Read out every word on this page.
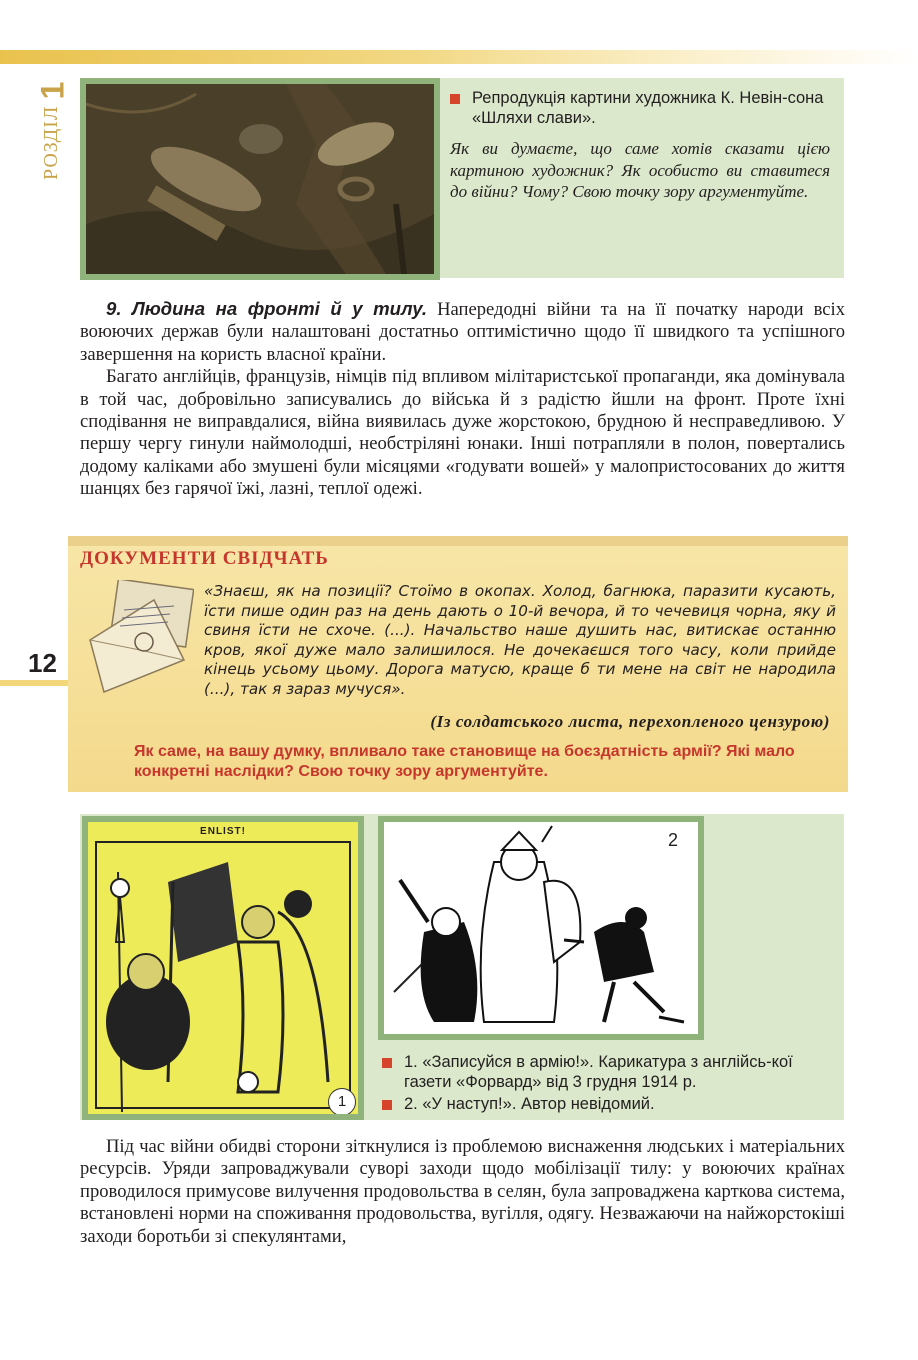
1
РОЗДІЛ
12
Репродукція картини художника К. Невін-сона «Шляхи слави».
Як ви думаєте, що саме хотів сказати цією картиною художник? Як особисто ви ставитеся до війни? Чому? Свою точку зору аргументуйте.

9. Людина на фронті й у тилу. Напередодні війни та на її початку народи всіх воюючих держав були налаштовані достатньо оптимістично щодо її швидкого та успішного завершення на користь власної країни.

Багато англійців, французів, німців під впливом мілітаристської пропаганди, яка домінувала в той час, добровільно записувались до війська й з радістю йшли на фронт. Проте їхні сподівання не виправдалися, війна виявилась дуже жорстокою, брудною й несправедливою. У першу чергу гинули наймолодші, необстріляні юнаки. Інші потрапляли в полон, повертались додому каліками або змушені були місяцями «годувати вошей» у малопристосованих до життя шанцях без гарячої їжі, лазні, теплої одежі.

ДОКУМЕНТИ СВІДЧАТЬ
«Знаєш, як на позиції? Стоїмо в окопах. Холод, багнюка, паразити кусають, їсти пише один раз на день дають о 10-й вечора, й то чечевиця чорна, яку й свиня їсти не схоче. (...). Начальство наше душить нас, витискає останню кров, якої дуже мало залишилося. Не дочекаєшся того часу, коли прийде кінець усьому цьому. Дорога матусю, краще б ти мене на світ не народила (...), так я зараз мучуся».
(Із солдатського листа, перехопленого цензурою)
Як саме, на вашу думку, впливало таке становище на боєздатність армії? Які мало конкретні наслідки? Свою точку зору аргументуйте.
ENLIST!
1
2
1. «Записуйся в армію!». Карикатура з англійсь-кої газети «Форвард» від 3 грудня 1914 р.
2. «У наступ!». Автор невідомий.

Під час війни обидві сторони зіткнулися із проблемою виснаження людських і матеріальних ресурсів. Уряди запроваджували суворі заходи щодо мобілізації тилу: у воюючих країнах проводилося примусове вилучення продовольства в селян, була запроваджена карткова система, встановлені норми на споживання продовольства, вугілля, одягу. Незважаючи на найжорстокіші заходи боротьби зі спекулянтами,
